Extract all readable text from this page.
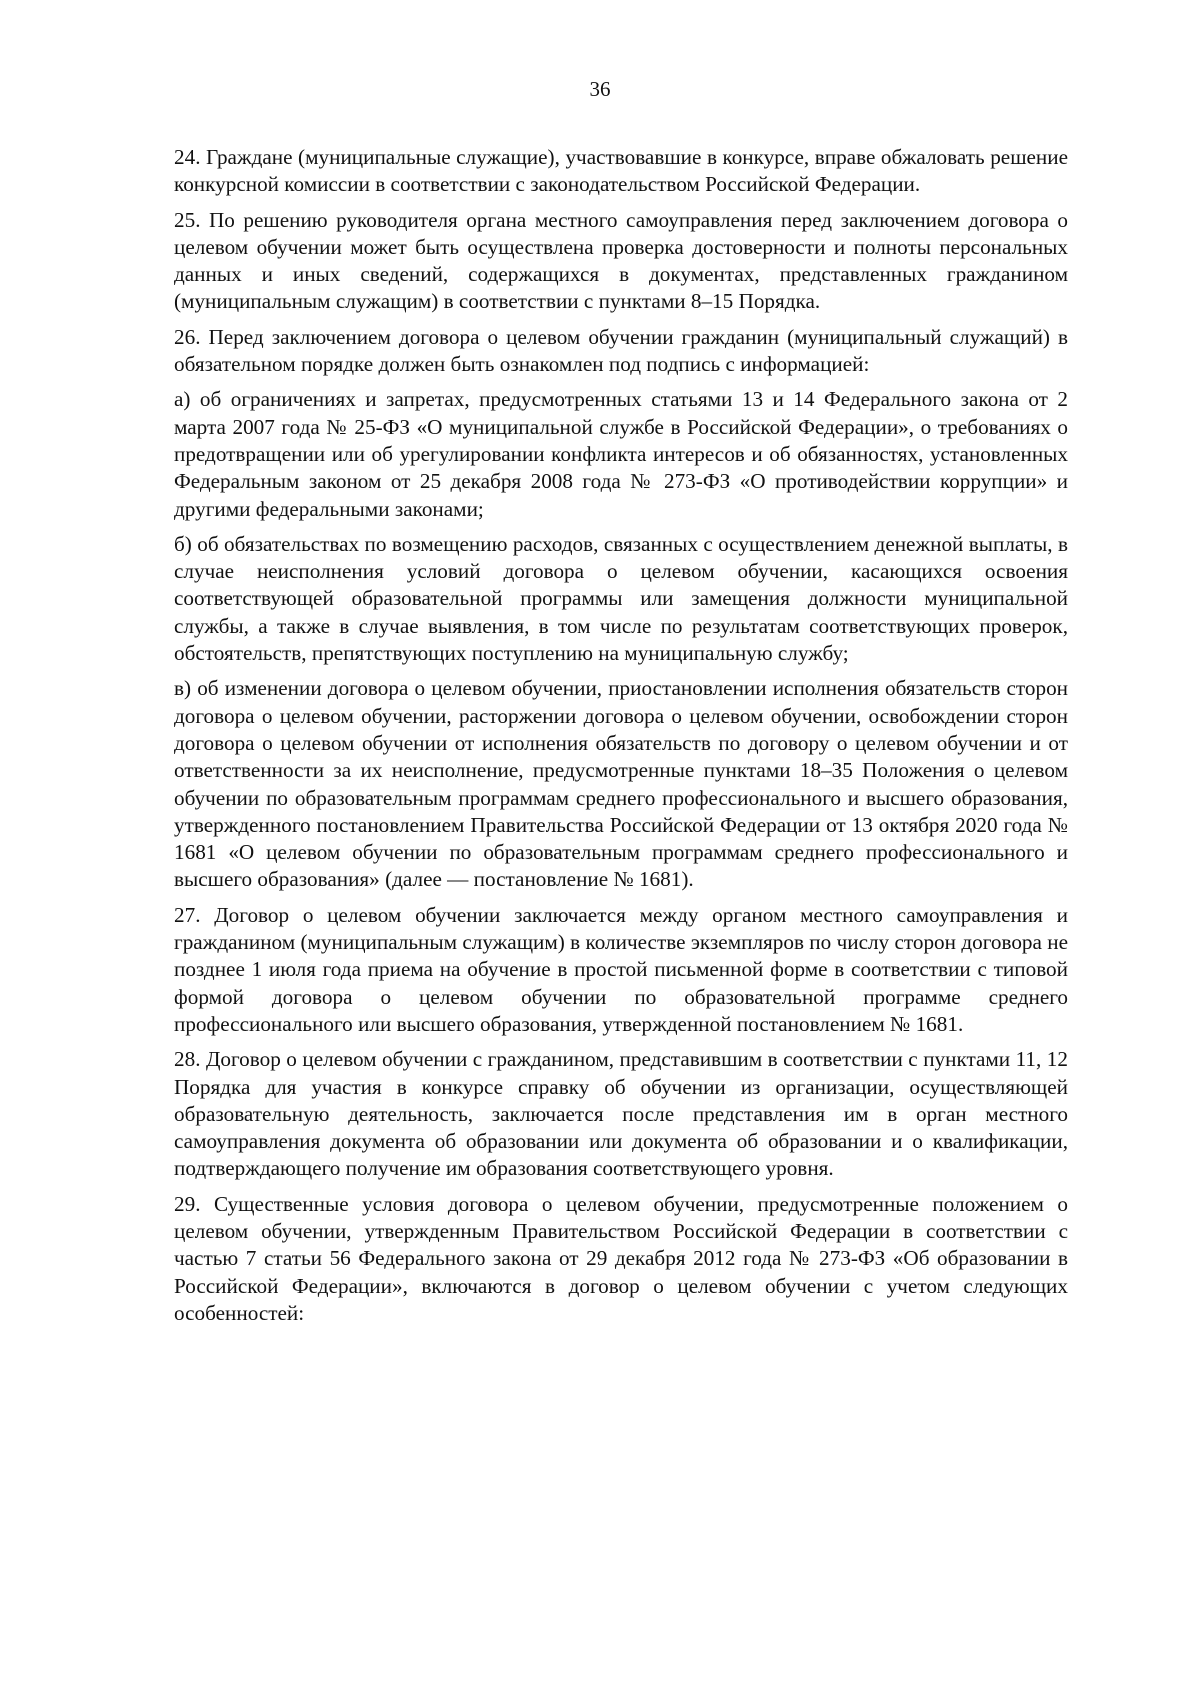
36

24. Граждане (муниципальные служащие), участвовавшие в конкурсе, вправе обжаловать решение конкурсной комиссии в соответствии с законодательством Российской Федерации.

25. По решению руководителя органа местного самоуправления перед заключением договора о целевом обучении может быть осуществлена проверка достоверности и полноты персональных данных и иных сведений, содержащихся в документах, представленных гражданином (муниципальным служащим) в соответствии с пунктами 8–15 Порядка.

26. Перед заключением договора о целевом обучении гражданин (муниципальный служащий) в обязательном порядке должен быть ознакомлен под подпись с информацией:

а) об ограничениях и запретах, предусмотренных статьями 13 и 14 Федерального закона от 2 марта 2007 года № 25-ФЗ «О муниципальной службе в Российской Федерации», о требованиях о предотвращении или об урегулировании конфликта интересов и об обязанностях, установленных Федеральным законом от 25 декабря 2008 года № 273-ФЗ «О противодействии коррупции» и другими федеральными законами;

б) об обязательствах по возмещению расходов, связанных с осуществлением денежной выплаты, в случае неисполнения условий договора о целевом обучении, касающихся освоения соответствующей образовательной программы или замещения должности муниципальной службы, а также в случае выявления, в том числе по результатам соответствующих проверок, обстоятельств, препятствующих поступлению на муниципальную службу;

в) об изменении договора о целевом обучении, приостановлении исполнения обязательств сторон договора о целевом обучении, расторжении договора о целевом обучении, освобождении сторон договора о целевом обучении от исполнения обязательств по договору о целевом обучении и от ответственности за их неисполнение, предусмотренные пунктами 18–35 Положения о целевом обучении по образовательным программам среднего профессионального и высшего образования, утвержденного постановлением Правительства Российской Федерации от 13 октября 2020 года № 1681 «О целевом обучении по образовательным программам среднего профессионального и высшего образования» (далее — постановление № 1681).

27. Договор о целевом обучении заключается между органом местного самоуправления и гражданином (муниципальным служащим) в количестве экземпляров по числу сторон договора не позднее 1 июля года приема на обучение в простой письменной форме в соответствии с типовой формой договора о целевом обучении по образовательной программе среднего профессионального или высшего образования, утвержденной постановлением № 1681.

28. Договор о целевом обучении с гражданином, представившим в соответствии с пунктами 11, 12 Порядка для участия в конкурсе справку об обучении из организации, осуществляющей образовательную деятельность, заключается после представления им в орган местного самоуправления документа об образовании или документа об образовании и о квалификации, подтверждающего получение им образования соответствующего уровня.

29. Существенные условия договора о целевом обучении, предусмотренные положением о целевом обучении, утвержденным Правительством Российской Федерации в соответствии с частью 7 статьи 56 Федерального закона от 29 декабря 2012 года № 273-ФЗ «Об образовании в Российской Федерации», включаются в договор о целевом обучении с учетом следующих особенностей:
